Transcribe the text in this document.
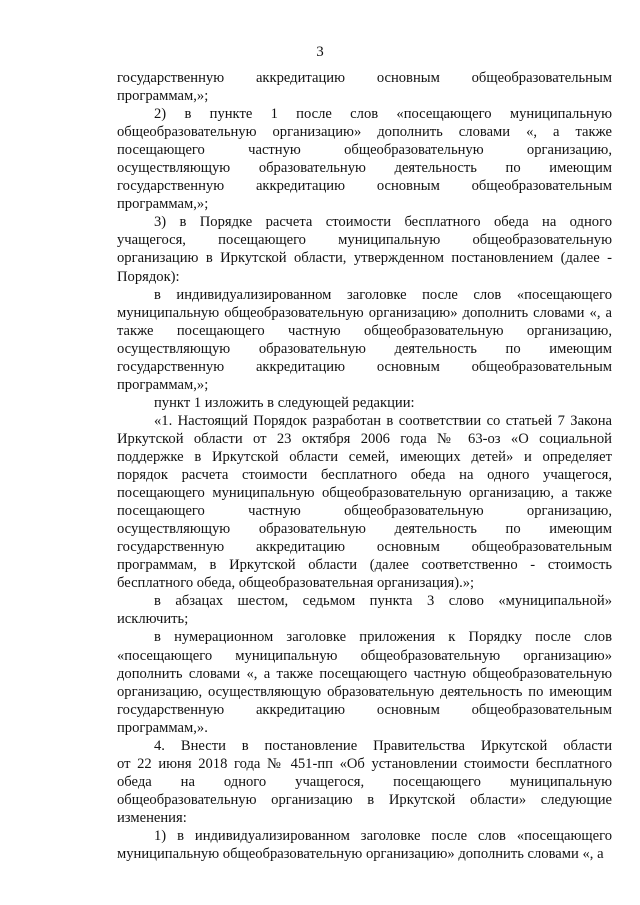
3
государственную аккредитацию основным общеобразовательным
программам,»;
2) в пункте 1 после слов «посещающего муниципальную
общеобразовательную организацию» дополнить словами «, а также
посещающего частную общеобразовательную организацию,
осуществляющую образовательную деятельность по имеющим
государственную аккредитацию основным общеобразовательным
программам,»;
3) в Порядке расчета стоимости бесплатного обеда на одного
учащегося, посещающего муниципальную общеобразовательную
организацию в Иркутской области, утвержденном постановлением (далее -
Порядок):
в индивидуализированном заголовке после слов «посещающего
муниципальную общеобразовательную организацию» дополнить словами «, а
также посещающего частную общеобразовательную организацию,
осуществляющую образовательную деятельность по имеющим
государственную аккредитацию основным общеобразовательным
программам,»;
пункт 1 изложить в следующей редакции:
«1. Настоящий Порядок разработан в соответствии со статьей 7 Закона
Иркутской области от 23 октября 2006 года № 63-оз «О социальной
поддержке в Иркутской области семей, имеющих детей» и определяет
порядок расчета стоимости бесплатного обеда на одного учащегося,
посещающего муниципальную общеобразовательную организацию, а также
посещающего частную общеобразовательную организацию,
осуществляющую образовательную деятельность по имеющим
государственную аккредитацию основным общеобразовательным
программам, в Иркутской области (далее соответственно - стоимость
бесплатного обеда, общеобразовательная организация).»;
в абзацах шестом, седьмом пункта 3 слово «муниципальной»
исключить;
в нумерационном заголовке приложения к Порядку после слов
«посещающего муниципальную общеобразовательную организацию»
дополнить словами «, а также посещающего частную общеобразовательную
организацию, осуществляющую образовательную деятельность по имеющим
государственную аккредитацию основным общеобразовательным
программам,».
4. Внести в постановление Правительства Иркутской области
от 22 июня 2018 года № 451-пп «Об установлении стоимости бесплатного
обеда на одного учащегося, посещающего муниципальную
общеобразовательную организацию в Иркутской области» следующие
изменения:
1) в индивидуализированном заголовке после слов «посещающего
муниципальную общеобразовательную организацию» дополнить словами «, а
